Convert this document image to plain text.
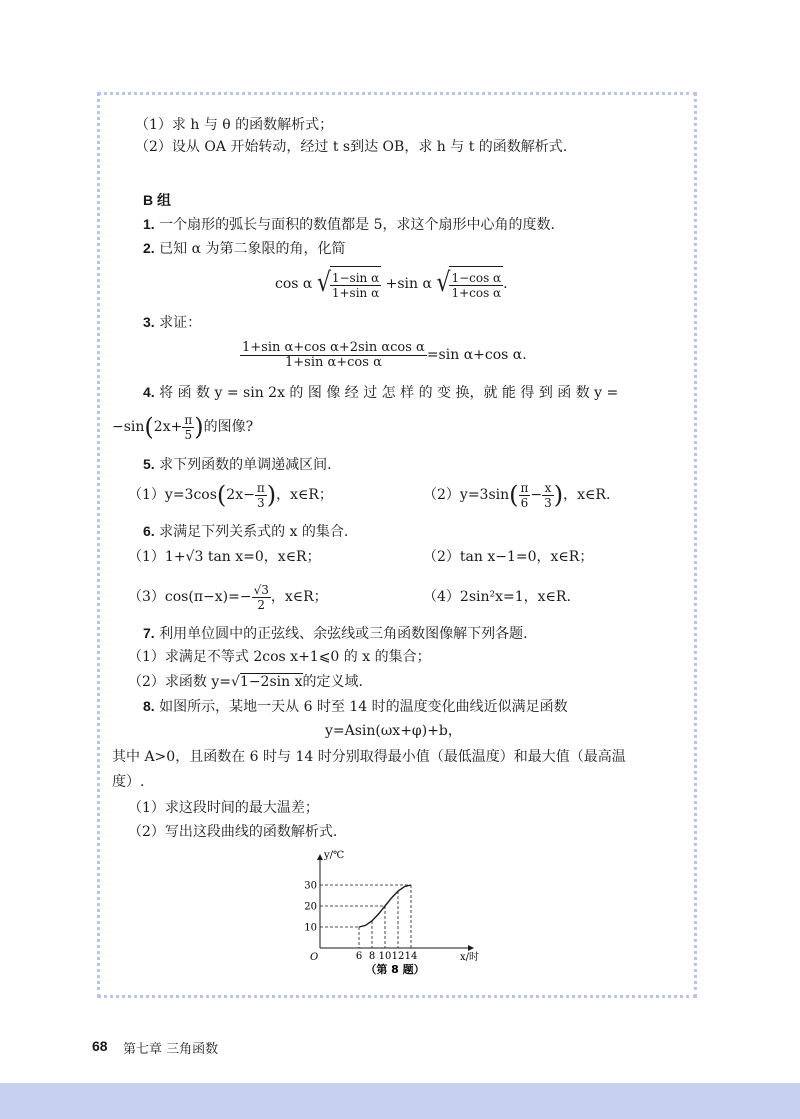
（1）求 h 与 θ 的函数解析式；
（2）设从 OA 开始转动，经过 t s到达 OB，求 h 与 t 的函数解析式.
B 组
1. 一个扇形的弧长与面积的数值都是 5，求这个扇形中心角的度数.
2. 已知 α 为第二象限的角，化简
cos α √ $\frac{\text{1−sin α}}{\text{1+sin α}} +\sin$ α √ $\frac{\text{1−cos α}}{\text{1+cos α}}$ .
3. 求证：
$\frac{\text{1+sin α+cos α+2sin αcos α}}{\text{1+sin α+cos α}} =\sin$ α+cos α.
4. 将 函 数 y = sin 2x 的 图 像 经 过 怎 样 的 变 换，就 能 得 到 函 数 y =
$-\sin(2x+ \frac{\pi}{5}$ )的图像?
5. 求下列函数的单调递减区间.
$(1)y=3\cos(2x- \frac{\pi}{3}$ )，x∈R；	$(2)y=3\sin( \frac{\pi}{6} - \frac{x}{3}$ )，x∈R.
6. 求满足下列关系式的 x 的集合.
（1）1+√3 tan x=0，x∈R；	（2）tan x−1=0，x∈R；
$(3)\cos(\pi-x)=- \frac{√3}{2}$ ，x∈R；	（4）2sin²x=1，x∈R.
7. 利用单位圆中的正弦线、余弦线或三角函数图像解下列各题.
（1）求满足不等式 2cos x+1⩽0 的 x 的集合；
（2）求函数 y=√1−2sin x的定义域.
8. 如图所示，某地一天从 6 时至 14 时的温度变化曲线近似满足函数
y=Asin(ωx+φ)+b，
其中 A>0，且函数在 6 时与 14 时分别取得最小值（最低温度）和最大值（最高温
度）.
（1）求这段时间的最大温差；
（2）写出这段曲线的函数解析式.
6 8 10 12 14
10
20
30
y/℃
x/时
O
（第 8 题）
68 第七章 三角函数
